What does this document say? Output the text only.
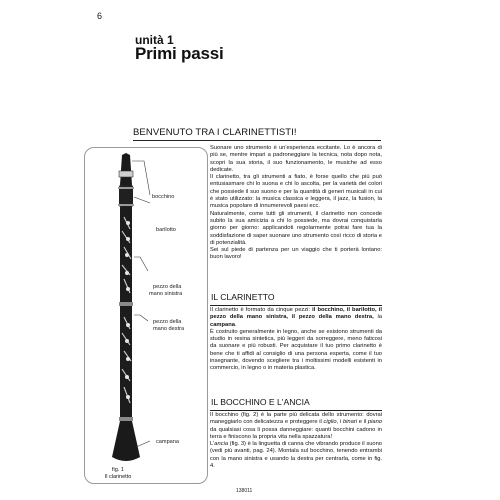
6
unità 1
Primi passi
BENVENUTO TRA I CLARINETTISTI!
bocchino
barilotto
pezzo della
mano sinistra
pezzo della
mano destra
campana
fig. 1
Il clarinetto
Suonare uno strumento è un'esperienza eccitante. Lo è ancora di più se, mentre impari a padroneggiare la tecnica, nota dopo nota, scopri la sua storia, il suo funzionamento, le musiche ad esso dedicate.
Il clarinetto, tra gli strumenti a fiato, è forse quello che più può entusiasmare chi lo suona e chi lo ascolta, per la varietà dei colori che possiede il suo suono e per la quantità di generi musicali in cui è stato utilizzato: la musica classica e leggera, il jazz, la fusion, la musica popolare di innumerevoli paesi ecc.
Naturalmente, come tutti gli strumenti, il clarinetto non concede subito la sua amicizia a chi lo possiede, ma dovrai conquistarla giorno per giorno: applicandoti regolarmente potrai fare tua la soddisfazione di saper suonare uno strumento così ricco di storia e di potenzialità.
Sei sul piede di partenza per un viaggio che ti porterà lontano: buon lavoro!
IL CLARINETTO
Il clarinetto è formato da cinque pezzi: il bocchino, il barilotto, il pezzo della mano sinistra, il pezzo della mano destra, la campana.
È costruito generalmente in legno, anche se esistono strumenti da studio in resina sintetica, più leggeri da sorreggere, meno faticosi da suonare e più robusti. Per acquistare il tuo primo clarinetto è bene che ti affidi al consiglio di una persona esperta, come il tuo insegnante, dovendo scegliere tra i moltissimi modelli esistenti in commercio, in legno o in materia plastica.
IL BOCCHINO E L'ANCIA
Il bocchino (fig. 2) è la parte più delicata dello strumento: dovrai maneggiarlo con delicatezza e proteggere il ciglio, i binari e il piano da qualsiasi cosa li possa danneggiare: quanti bocchini cadono in terra e finiscono la propria vita nella spazzatura!
L'ancia (fig. 3) è la linguetta di canna che vibrando produce il suono (vedi più avanti, pag. 24). Montala sul bocchino, tenendo entrambi con la mano sinistra e usando la destra per centrarla, come in fig. 4.
138011
